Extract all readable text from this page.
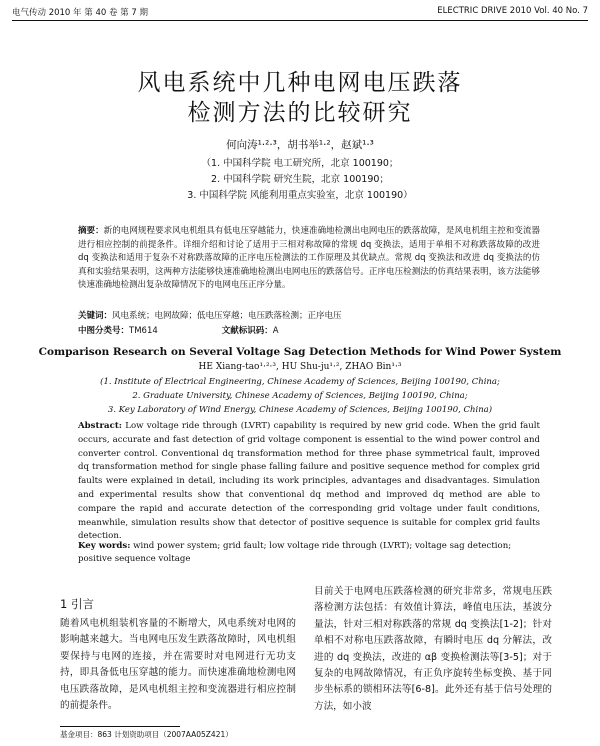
电气传动 2010 年 第 40 卷 第 7 期	ELECTRIC DRIVE 2010 Vol. 40 No. 7
风电系统中几种电网电压跌落
检测方法的比较研究
何向涛¹·²·³，胡书举¹·²，赵斌¹·³
（1. 中国科学院 电工研究所，北京 100190；
2. 中国科学院 研究生院，北京 100190；
3. 中国科学院 风能利用重点实验室，北京 100190）
摘要：新的电网规程要求风电机组具有低电压穿越能力，快速准确地检测出电网电压的跌落故障，是风电机组主控和变流器进行相应控制的前提条件。详细介绍和讨论了适用于三相对称故障的常规 dq 变换法，适用于单相不对称跌落故障的改进 dq 变换法和适用于复杂不对称跌落故障的正序电压检测法的工作原理及其优缺点。常规 dq 变换法和改进 dq 变换法的仿真和实验结果表明，这两种方法能够快速准确地检测出电网电压的跌落信号。正序电压检测法的仿真结果表明，该方法能够快速准确地检测出复杂故障情况下的电网电压正序分量。
关键词：风电系统；电网故障；低电压穿越；电压跌落检测；正序电压
中图分类号：TM614	文献标识码：A
Comparison Research on Several Voltage Sag Detection Methods for Wind Power System
HE Xiang-tao¹·²·³, HU Shu-ju¹·², ZHAO Bin¹·³
(1. Institute of Electrical Engineering, Chinese Academy of Sciences, Beijing 100190, China;
2. Graduate University, Chinese Academy of Sciences, Beijing 100190, China;
3. Key Laboratory of Wind Energy, Chinese Academy of Sciences, Beijing 100190, China)
Abstract: Low voltage ride through (LVRT) capability is required by new grid code. When the grid fault occurs, accurate and fast detection of grid voltage component is essential to the wind power control and converter control. Conventional dq transformation method for three phase symmetrical fault, improved dq transformation method for single phase falling failure and positive sequence method for complex grid faults were explained in detail, including its work principles, advantages and disadvantages. Simulation and experimental results show that conventional dq method and improved dq method are able to compare the rapid and accurate detection of the corresponding grid voltage under fault conditions, meanwhile, simulation results show that detector of positive sequence is suitable for complex grid faults detection.
Key words: wind power system; grid fault; low voltage ride through (LVRT); voltage sag detection; positive sequence voltage
1 引言
随着风电机组装机容量的不断增大，风电系统对电网的影响越来越大。当电网电压发生跌落故障时，风电机组要保持与电网的连接，并在需要时对电网进行无功支持，即具备低电压穿越的能力。而快速准确地检测电网电压跌落故障，是风电机组主控和变流器进行相应控制的前提条件。
目前关于电网电压跌落检测的研究非常多，常规电压跌落检测方法包括：有效值计算法，峰值电压法，基波分量法，针对三相对称跌落的常规 dq 变换法[1-2]；针对单相不对称电压跌落故障，有瞬时电压 dq 分解法，改进的 dq 变换法，改进的 αβ 变换检测法等[3-5]；对于复杂的电网故障情况，有正负序旋转坐标变换、基于同步坐标系的锁相环法等[6-8]。此外还有基于信号处理的方法，如小波
基金项目：863 计划资助项目（2007AA05Z421）
